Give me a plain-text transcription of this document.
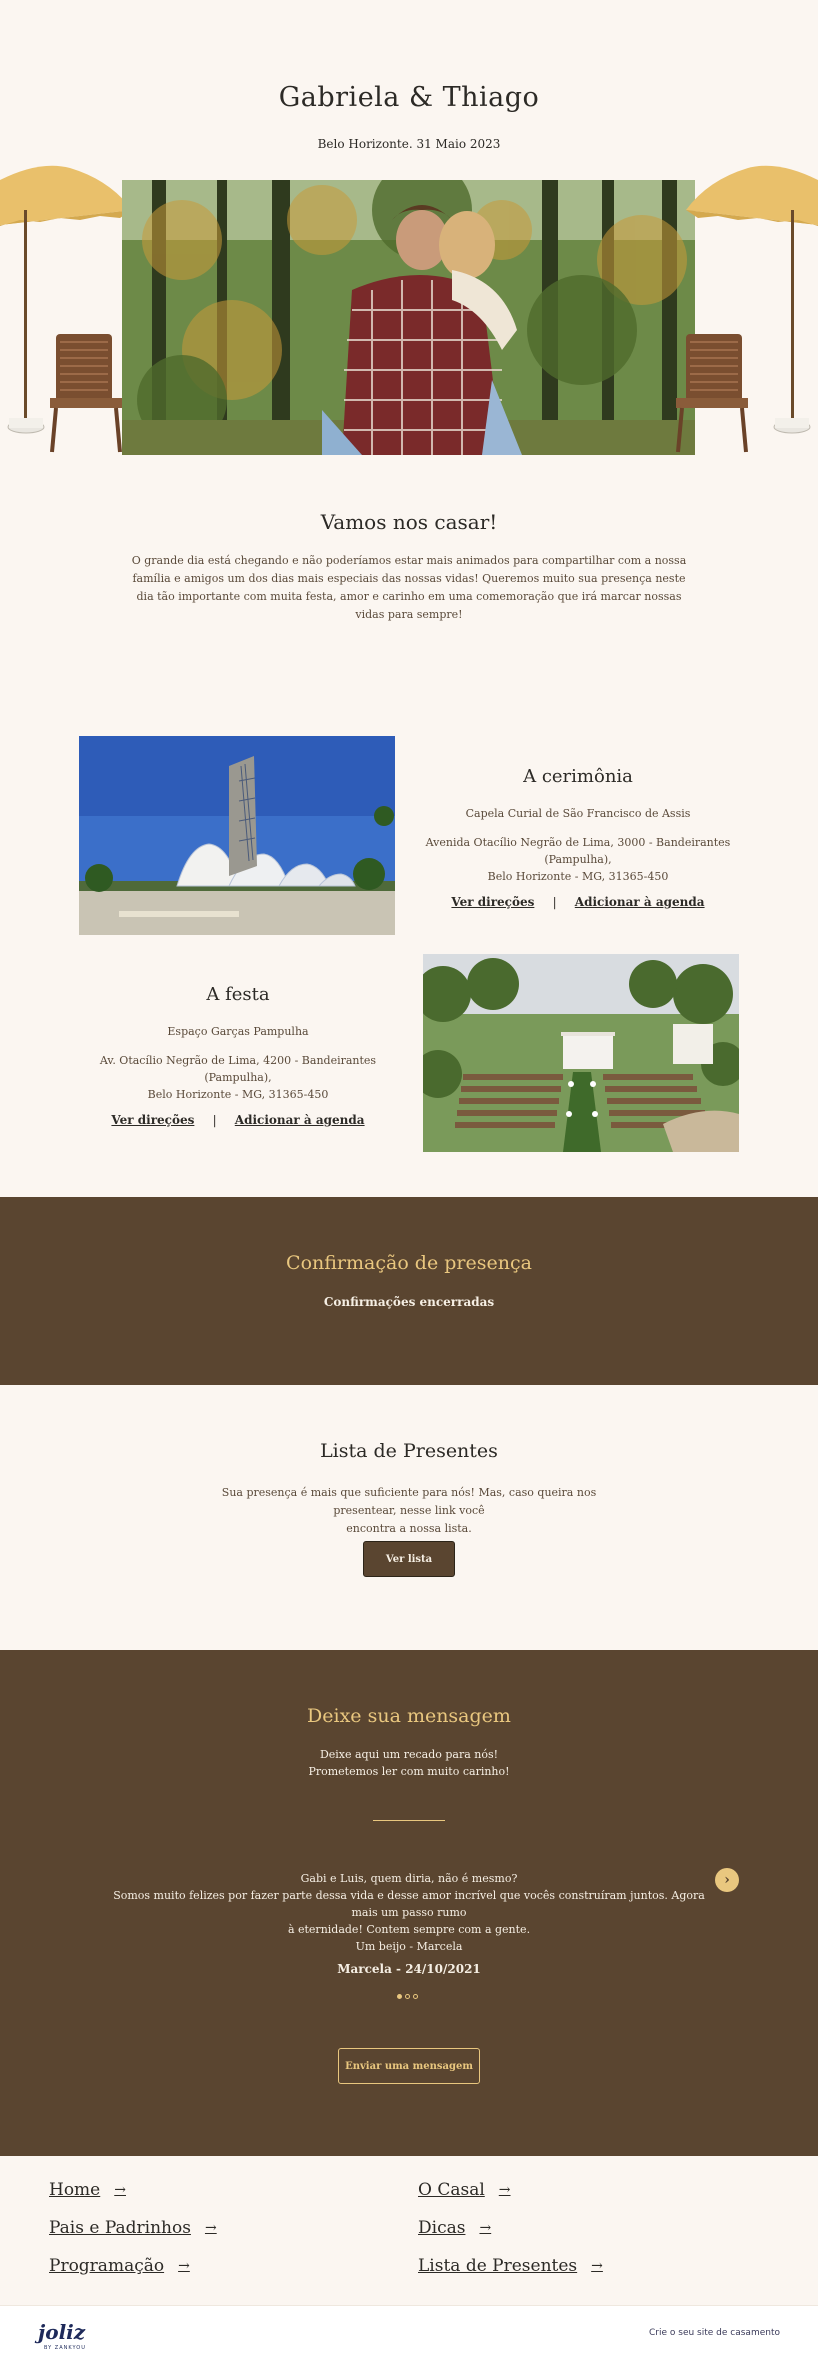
Gabriela & Thiago
Belo Horizonte. 31 Maio 2023
Vamos nos casar!
O grande dia está chegando e não poderíamos estar mais animados para compartilhar com a nossa família e amigos um dos dias mais especiais das nossas vidas! Queremos muito sua presença neste dia tão importante com muita festa, amor e carinho em uma comemoração que irá marcar nossas vidas para sempre!
A cerimônia
Capela Curial de São Francisco de Assis
Avenida Otacílio Negrão de Lima, 3000 - Bandeirantes (Pampulha),
Belo Horizonte - MG, 31365-450
Ver direções | Adicionar à agenda
A festa
Espaço Garças Pampulha
Av. Otacílio Negrão de Lima, 4200 - Bandeirantes (Pampulha),
Belo Horizonte - MG, 31365-450
Ver direções | Adicionar à agenda
Confirmação de presença
Confirmações encerradas
Lista de Presentes
Sua presença é mais que suficiente para nós! Mas, caso queira nos presentear, nesse link você
encontra a nossa lista.
Ver lista
Deixe sua mensagem
Deixe aqui um recado para nós!
Prometemos ler com muito carinho!
Gabi e Luis, quem diria, não é mesmo?
Somos muito felizes por fazer parte dessa vida e desse amor incrível que vocês construíram juntos. Agora mais um passo rumo
à eternidade! Contem sempre com a gente.
Um beijo - Marcela
›
Marcela - 24/10/2021
Enviar uma mensagem
Home →
Pais e Padrinhos →
Programação →
O Casal →
Dicas →
Lista de Presentes →
joliz
BY ZANKYOU
Crie o seu site de casamento
